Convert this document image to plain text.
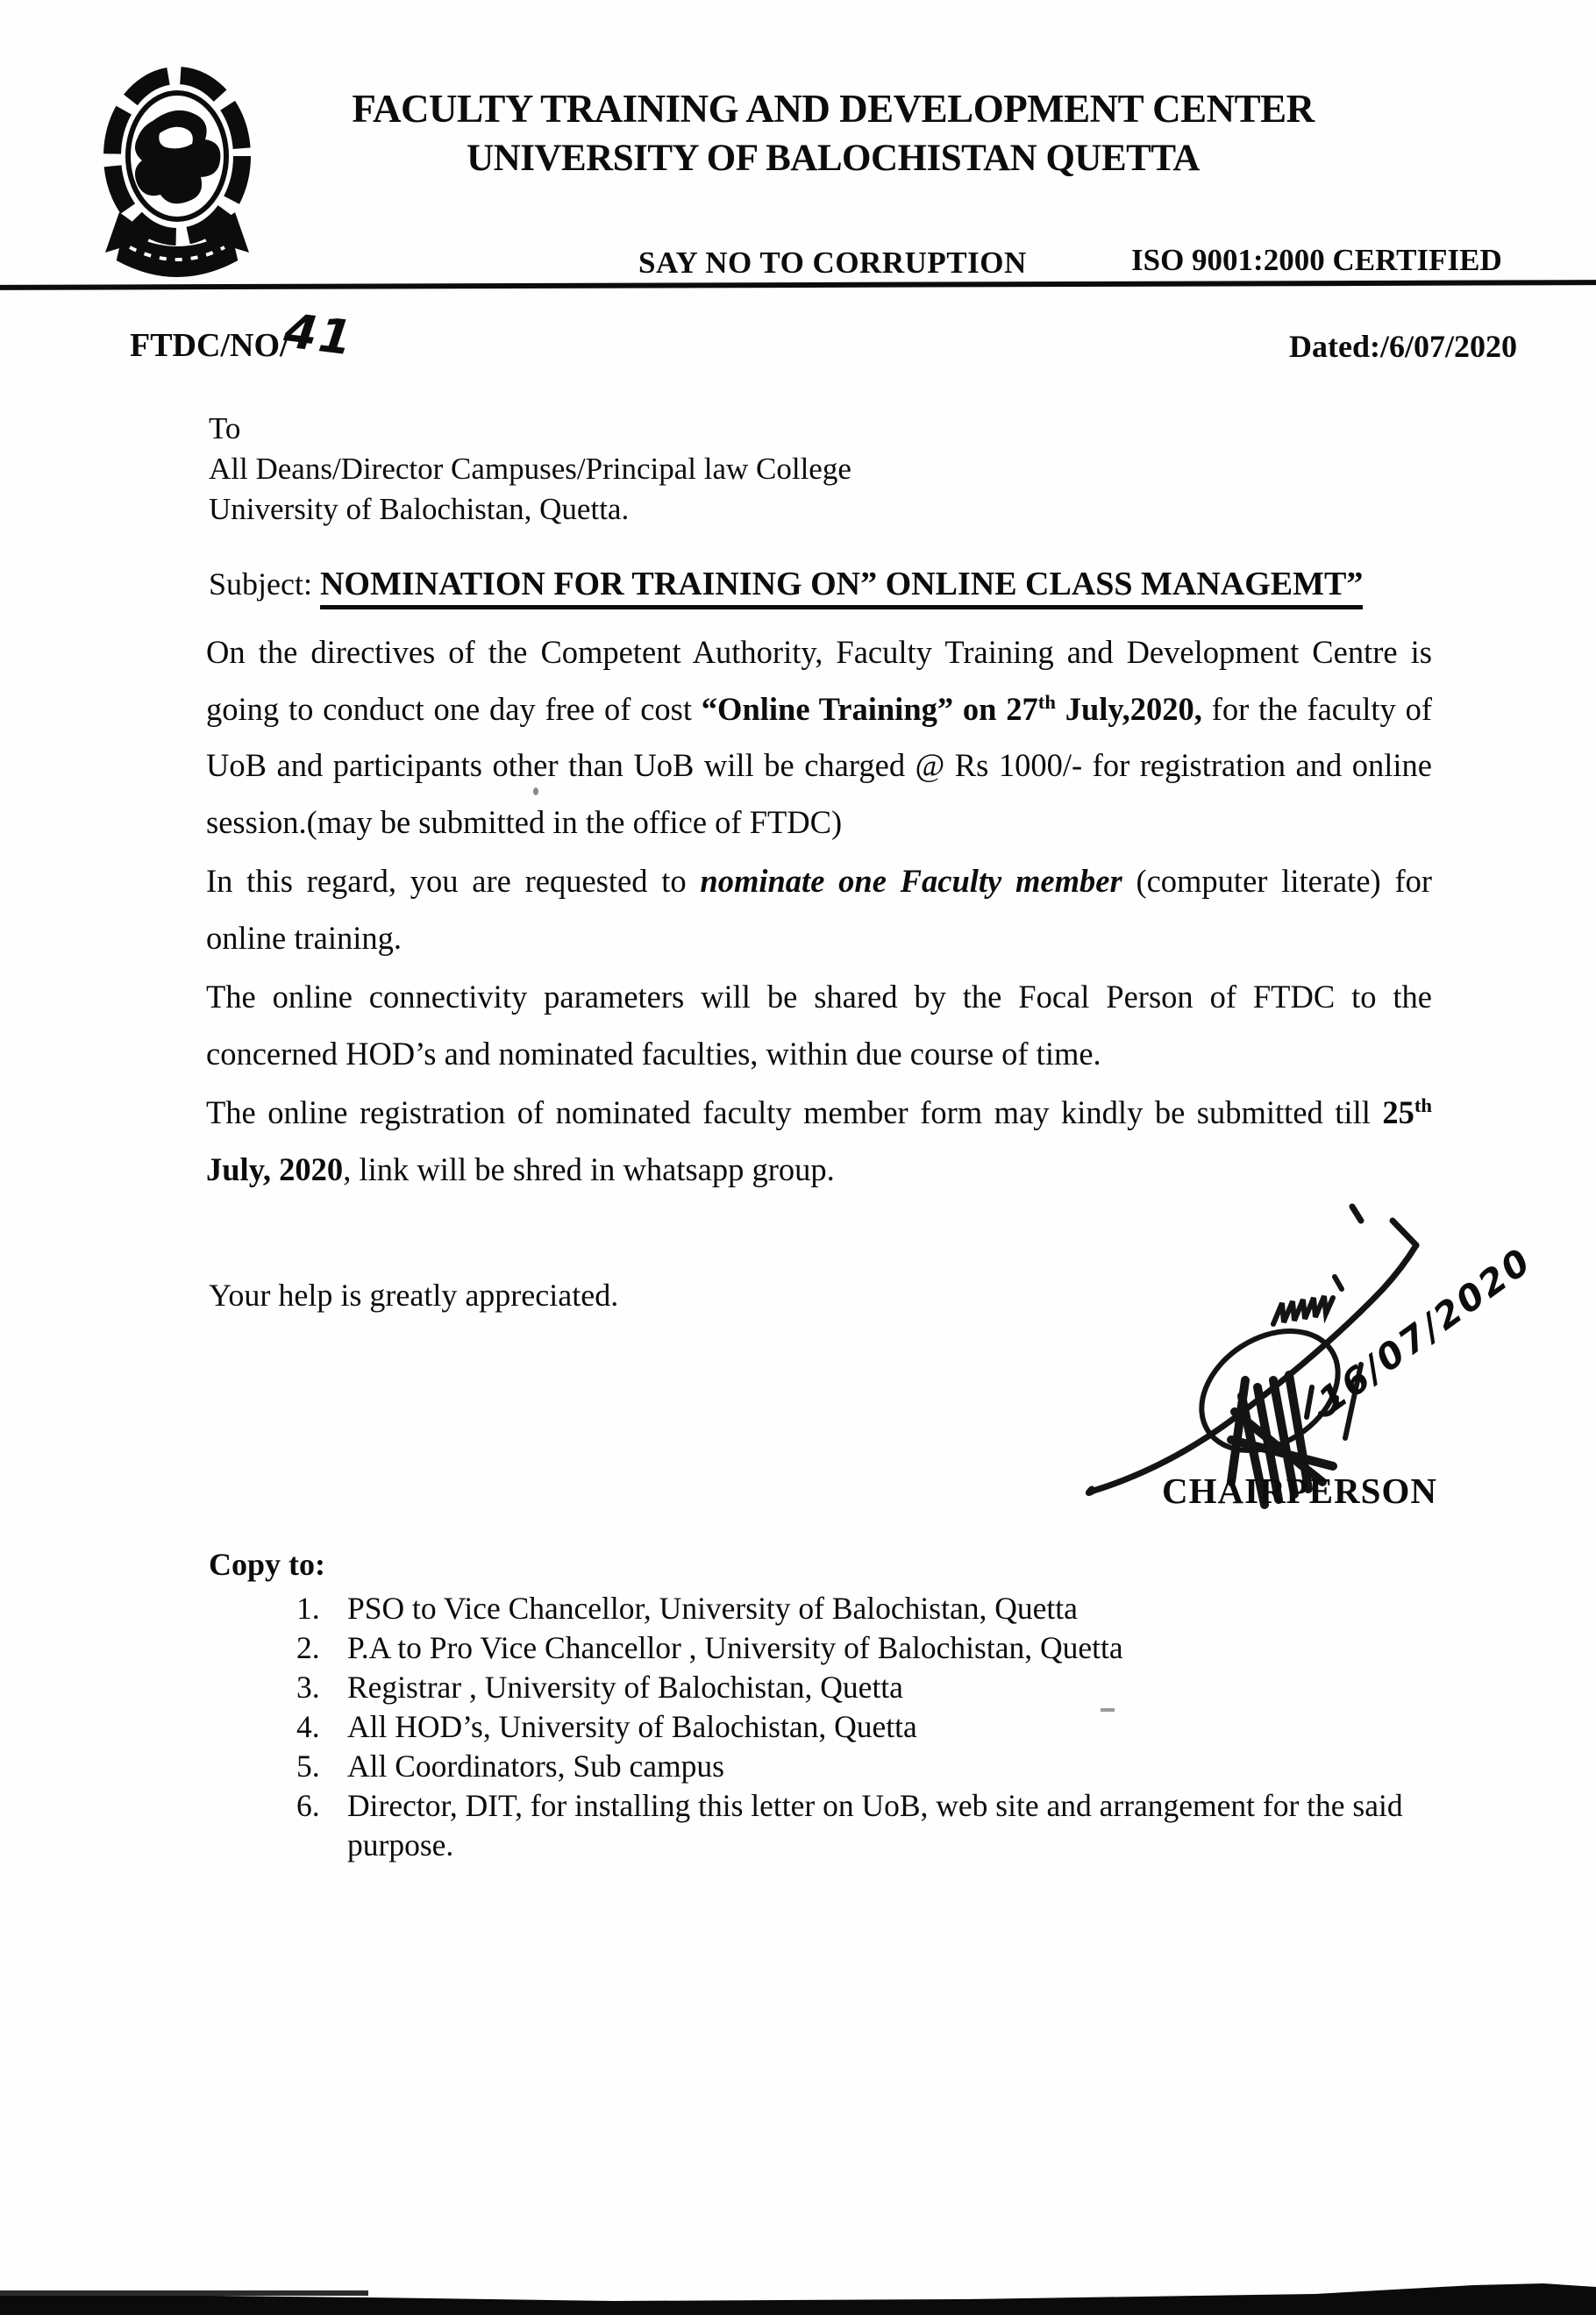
FACULTY TRAINING AND DEVELOPMENT CENTER
UNIVERSITY OF BALOCHISTAN QUETTA
SAY NO TO CORRUPTION	ISO 9001:2000 CERTIFIED
FTDC/NO/
41	Dated:/6/07/2020
To
All Deans/Director Campuses/Principal law College
University of Balochistan, Quetta.
Subject: NOMINATION FOR TRAINING ON” ONLINE CLASS MANAGEMT”

On the directives of the Competent Authority, Faculty Training and Development Centre is going to conduct one day free of cost “Online Training” on 27th July,2020, for the faculty of UoB and participants other than UoB will be charged @ Rs 1000/- for registration and online session.(may be submitted in the office of FTDC)

In this regard, you are requested to nominate one Faculty member (computer literate) for online training.

The online connectivity parameters will be shared by the Focal Person of FTDC to the concerned HOD’s and nominated faculties, within due course of time.

The online registration of nominated faculty member form may kindly be submitted till 25th July, 2020, link will be shred in whatsapp group.

Your help is greatly appreciated.	16/07/2020
CHAIRPERSON
Copy to:
1. PSO to Vice Chancellor, University of Balochistan, Quetta
2. P.A to Pro Vice Chancellor , University of Balochistan, Quetta
3. Registrar , University of Balochistan, Quetta
4. All HOD’s, University of Balochistan, Quetta
5. All Coordinators, Sub campus
6. Director, DIT, for installing this letter on UoB, web site and arrangement for the said purpose.
